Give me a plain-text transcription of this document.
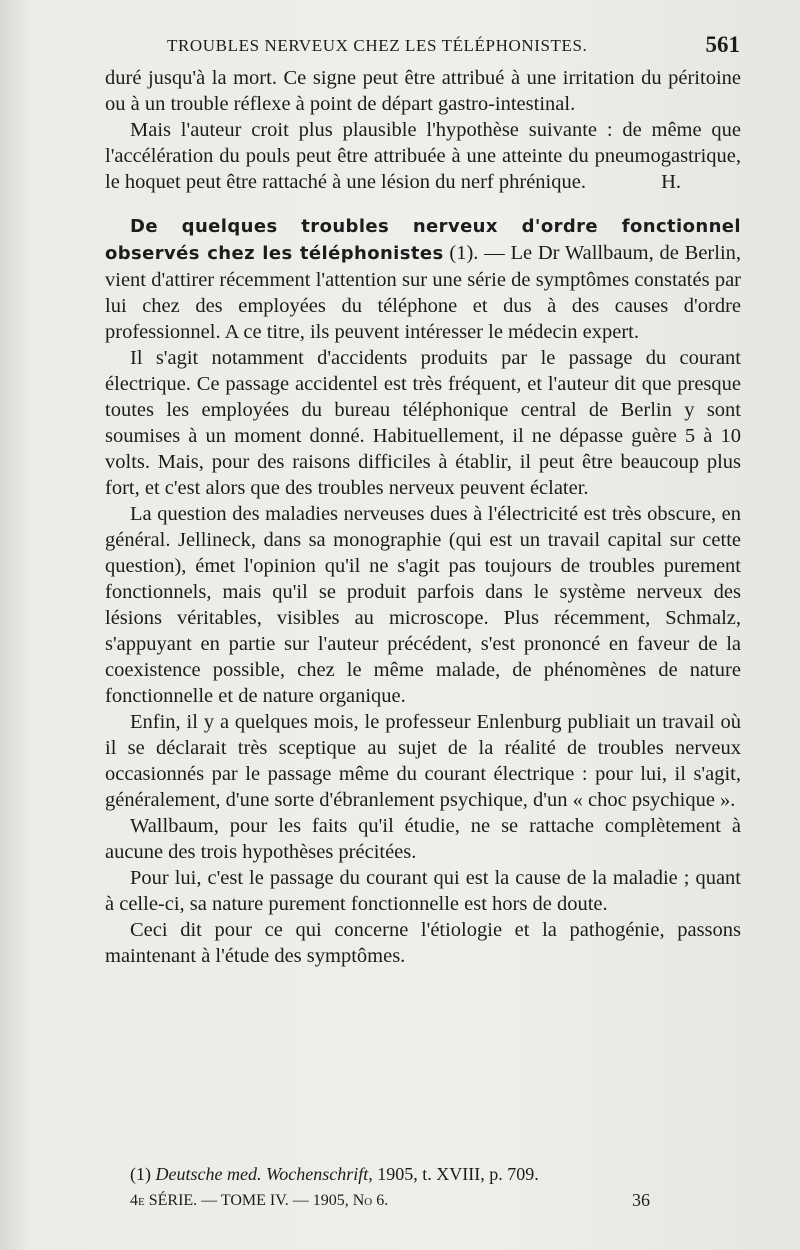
TROUBLES NERVEUX CHEZ LES TÉLÉPHONISTES.	561

duré jusqu'à la mort. Ce signe peut être attribué à une irritation du péritoine ou à un trouble réflexe à point de départ gastro-intestinal.

Mais l'auteur croit plus plausible l'hypothèse suivante : de même que l'accélération du pouls peut être attribuée à une atteinte du pneumogastrique, le hoquet peut être rattaché à une lésion du nerf phrénique.	H.

De quelques troubles nerveux d'ordre fonctionnel observés chez les téléphonistes (1). — Le Dr Wallbaum, de Berlin, vient d'attirer récemment l'attention sur une série de symptômes constatés par lui chez des employées du téléphone et dus à des causes d'ordre professionnel. A ce titre, ils peuvent intéresser le médecin expert.

Il s'agit notamment d'accidents produits par le passage du courant électrique. Ce passage accidentel est très fréquent, et l'auteur dit que presque toutes les employées du bureau téléphonique central de Berlin y sont soumises à un moment donné. Habituellement, il ne dépasse guère 5 à 10 volts. Mais, pour des raisons difficiles à établir, il peut être beaucoup plus fort, et c'est alors que des troubles nerveux peuvent éclater.

La question des maladies nerveuses dues à l'électricité est très obscure, en général. Jellineck, dans sa monographie (qui est un travail capital sur cette question), émet l'opinion qu'il ne s'agit pas toujours de troubles purement fonctionnels, mais qu'il se produit parfois dans le système nerveux des lésions véritables, visibles au microscope. Plus récemment, Schmalz, s'appuyant en partie sur l'auteur précédent, s'est prononcé en faveur de la coexistence possible, chez le même malade, de phénomènes de nature fonctionnelle et de nature organique.

Enfin, il y a quelques mois, le professeur Enlenburg publiait un travail où il se déclarait très sceptique au sujet de la réalité de troubles nerveux occasionnés par le passage même du courant électrique : pour lui, il s'agit, généralement, d'une sorte d'ébranlement psychique, d'un « choc psychique ».

Wallbaum, pour les faits qu'il étudie, ne se rattache complètement à aucune des trois hypothèses précitées.

Pour lui, c'est le passage du courant qui est la cause de la maladie ; quant à celle-ci, sa nature purement fonctionnelle est hors de doute.

Ceci dit pour ce qui concerne l'étiologie et la pathogénie, passons maintenant à l'étude des symptômes.

(1) Deutsche med. Wochenschrift, 1905, t. XVIII, p. 709.
4e SÉRIE. — TOME IV. — 1905, No 6.	36
